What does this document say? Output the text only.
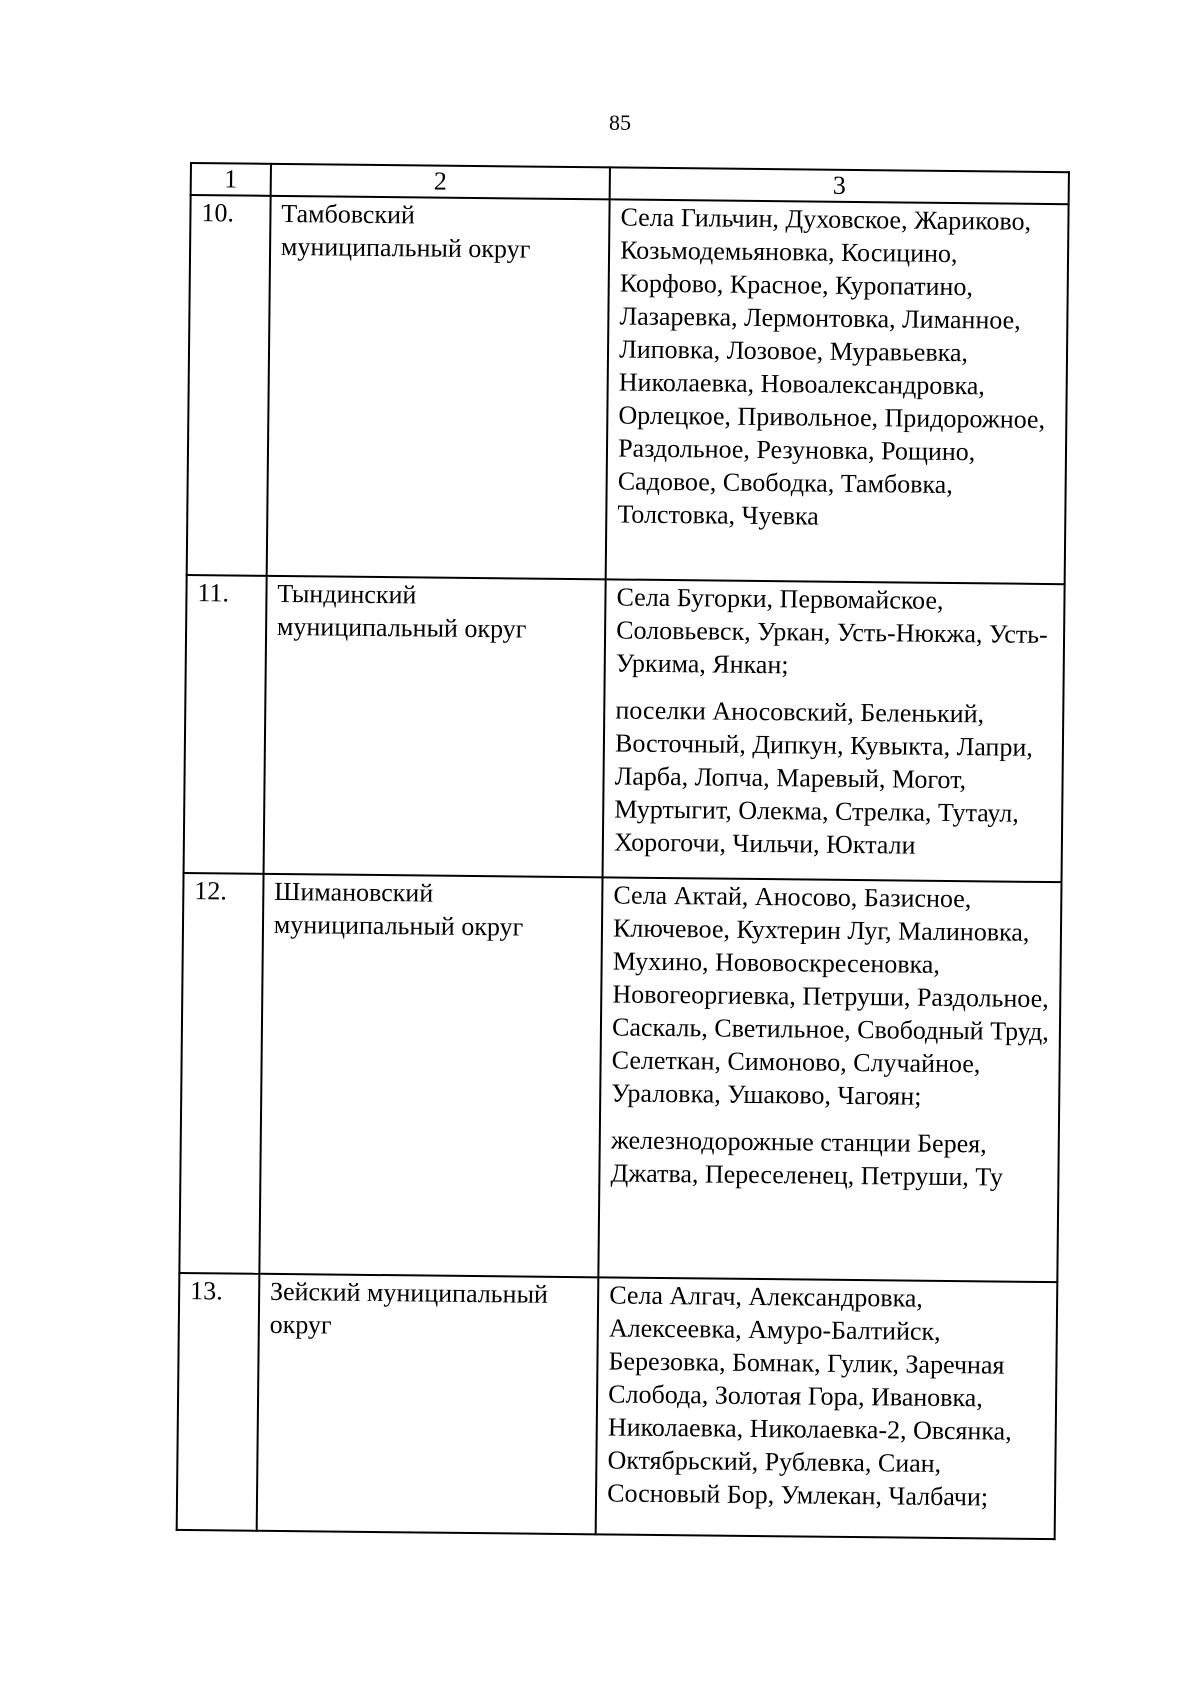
85
1	2	3
10.	Тамбовский муниципальный округ	Села Гильчин, Духовское, Жариково, Козьмодемьяновка, Косицино, Корфово, Красное, Куропатино, Лазаревка, Лермонтовка, Лиманное, Липовка, Лозовое, Муравьевка, Николаевка, Новоалександровка, Орлецкое, Привольное, Придорожное, Раздольное, Резуновка, Рощино, Садовое, Свободка, Тамбовка, Толстовка, Чуевка

11.	Тындинский муниципальный округ	Села Бугорки, Первомайское, Соловьевск, Уркан, Усть-Нюкжа, Усть-Уркима, Янкан;

поселки Аносовский, Беленький, Восточный, Дипкун, Кувыкта, Лапри, Ларба, Лопча, Маревый, Могот, Муртыгит, Олекма, Стрелка, Тутаул, Хорогочи, Чильчи, Юктали

12.	Шимановский муниципальный округ	Села Актай, Аносово, Базисное, Ключевое, Кухтерин Луг, Малиновка, Мухино, Нововоскресеновка, Новогеоргиевка, Петруши, Раздольное, Саскаль, Светильное, Свободный Труд, Селеткан, Симоново, Случайное, Ураловка, Ушаково, Чагоян;

железнодорожные станции Берея, Джатва, Переселенец, Петруши, Ту

13.	Зейский муниципальный округ	Села Алгач, Александровка, Алексеевка, Амуро-Балтийск, Березовка, Бомнак, Гулик, Заречная Слобода, Золотая Гора, Ивановка, Николаевка, Николаевка-2, Овсянка, Октябрьский, Рублевка, Сиан, Сосновый Бор, Умлекан, Чалбачи;
